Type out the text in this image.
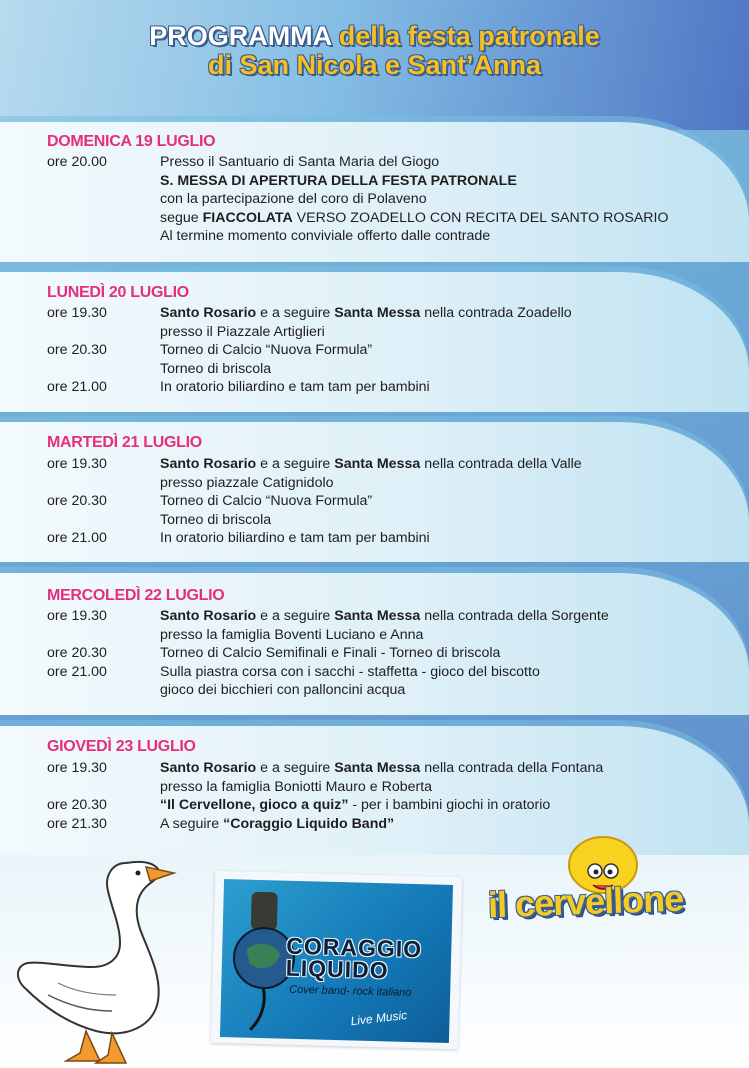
PROGRAMMA della festa patronale
di San Nicola e Sant’Anna
DOMENICA 19 LUGLIO
LUNEDÌ 20 LUGLIO
MARTEDÌ 21 LUGLIO
MERCOLEDÌ 22 LUGLIO
GIOVEDÌ 23 LUGLIO
ore 20.00	Presso il Santuario di Santa Maria del Giogo
S. MESSA DI APERTURA DELLA FESTA PATRONALE
con la partecipazione del coro di Polaveno
segue FIACCOLATA VERSO ZOADELLO CON RECITA DEL SANTO ROSARIO
Al termine momento conviviale offerto dalle contrade
ore 19.30	Santo Rosario e a seguire Santa Messa nella contrada Zoadello
presso il Piazzale Artiglieri
ore 20.30	Torneo di Calcio “Nuova Formula”
Torneo di briscola
ore 21.00	In oratorio biliardino e tam tam per bambini
ore 19.30	Santo Rosario e a seguire Santa Messa nella contrada della Valle
presso piazzale Catignidolo
ore 20.30	Torneo di Calcio “Nuova Formula”
Torneo di briscola
ore 21.00	In oratorio biliardino e tam tam per bambini
ore 19.30	Santo Rosario e a seguire Santa Messa nella contrada della Sorgente
presso la famiglia Boventi Luciano e Anna
ore 20.30	Torneo di Calcio Semifinali e Finali - Torneo di briscola
ore 21.00	Sulla piastra corsa con i sacchi - staffetta - gioco del biscotto
gioco dei bicchieri con palloncini acqua
ore 19.30	Santo Rosario e a seguire Santa Messa nella contrada della Fontana
presso la famiglia Boniotti Mauro e Roberta
ore 20.30	“Il Cervellone, gioco a quiz” - per i bambini giochi in oratorio
ore 21.30	A seguire “Coraggio Liquido Band”
CORAGGIO
LIQUIDO
Cover band- rock italiano
Live Music
il cervellone
